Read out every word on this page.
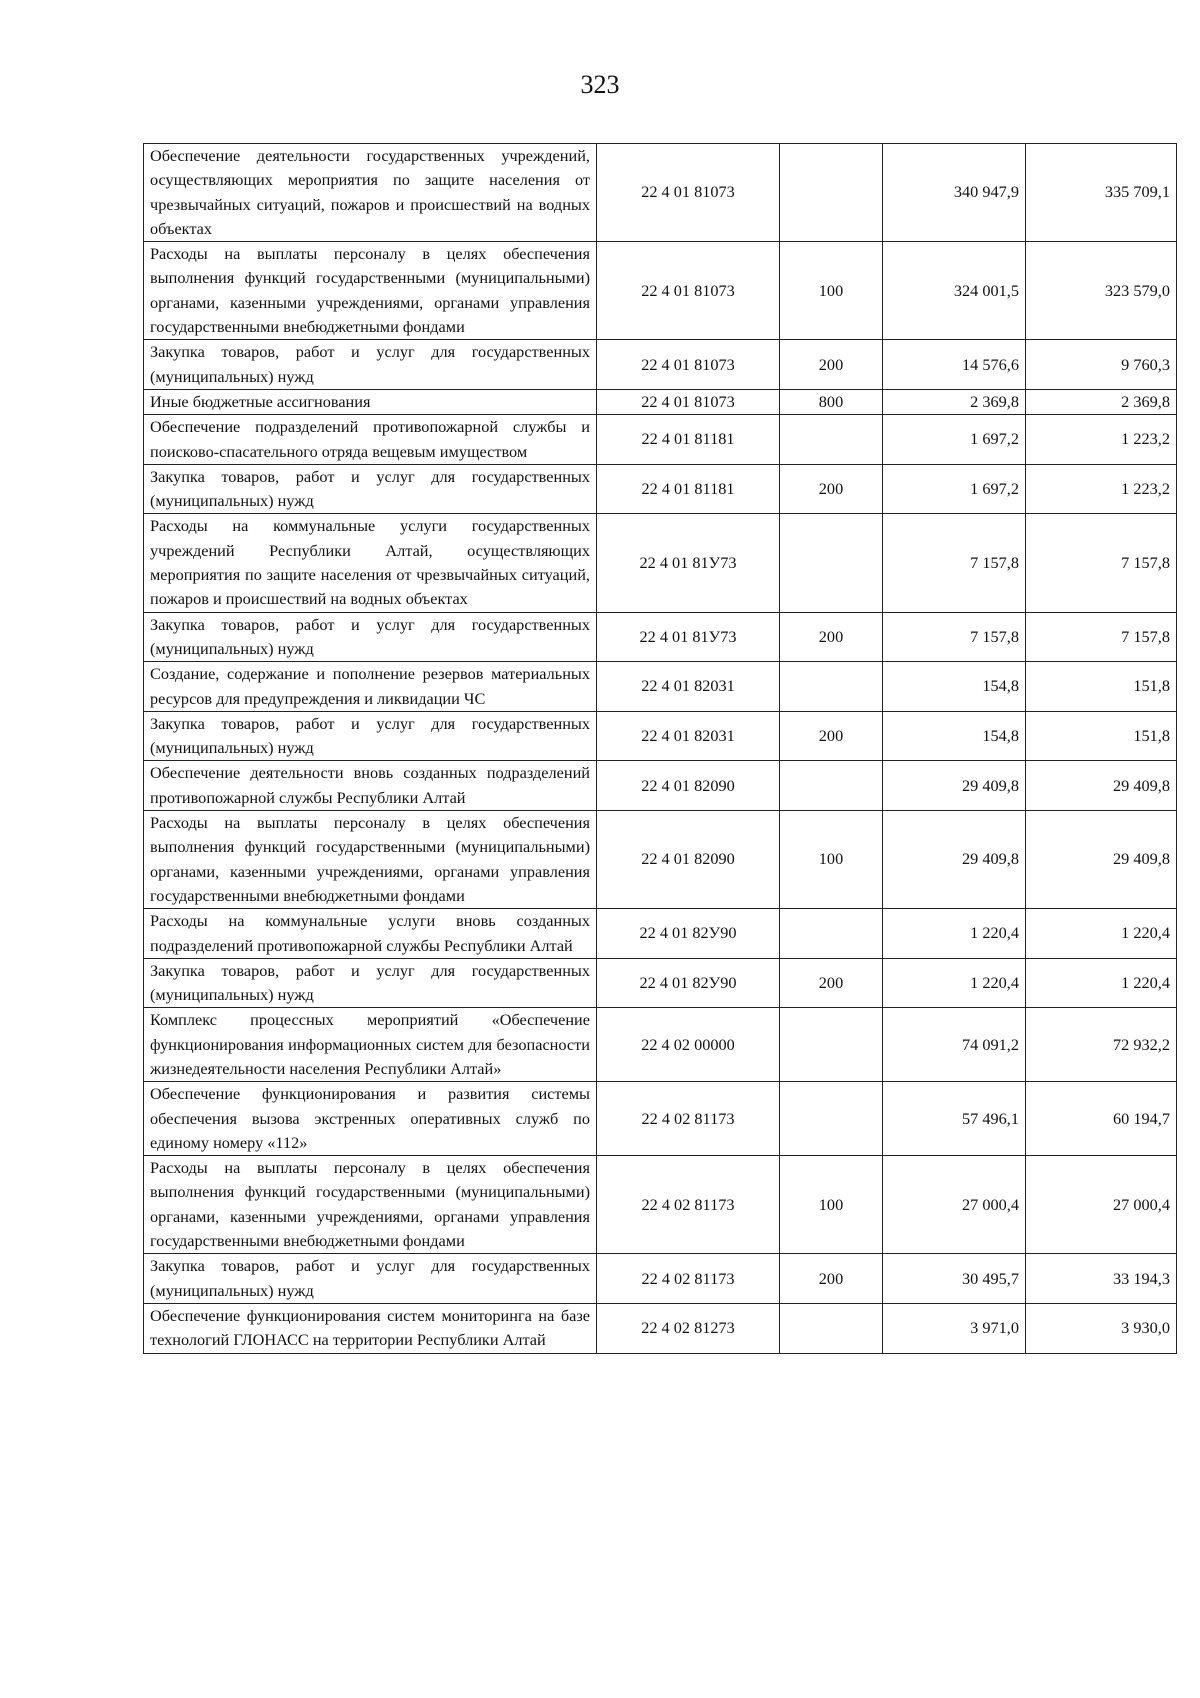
323
Обеспечение деятельности государственных учреждений, осуществляющих мероприятия по защите населения от чрезвычайных ситуаций, пожаров и происшествий на водных объектах	22 4 01 81073		340 947,9	335 709,1
Расходы на выплаты персоналу в целях обеспечения выполнения функций государственными (муниципальными) органами, казенными учреждениями, органами управления государственными внебюджетными фондами	22 4 01 81073	100	324 001,5	323 579,0
Закупка товаров, работ и услуг для государственных (муниципальных) нужд	22 4 01 81073	200	14 576,6	9 760,3
Иные бюджетные ассигнования	22 4 01 81073	800	2 369,8	2 369,8
Обеспечение подразделений противопожарной службы и поисково-спасательного отряда вещевым имуществом	22 4 01 81181		1 697,2	1 223,2
Закупка товаров, работ и услуг для государственных (муниципальных) нужд	22 4 01 81181	200	1 697,2	1 223,2
Расходы на коммунальные услуги государственных учреждений Республики Алтай, осуществляющих мероприятия по защите населения от чрезвычайных ситуаций, пожаров и происшествий на водных объектах	22 4 01 81У73		7 157,8	7 157,8
Закупка товаров, работ и услуг для государственных (муниципальных) нужд	22 4 01 81У73	200	7 157,8	7 157,8
Создание, содержание и пополнение резервов материальных ресурсов для предупреждения и ликвидации ЧС	22 4 01 82031		154,8	151,8
Закупка товаров, работ и услуг для государственных (муниципальных) нужд	22 4 01 82031	200	154,8	151,8
Обеспечение деятельности вновь созданных подразделений противопожарной службы Республики Алтай	22 4 01 82090		29 409,8	29 409,8
Расходы на выплаты персоналу в целях обеспечения выполнения функций государственными (муниципальными) органами, казенными учреждениями, органами управления государственными внебюджетными фондами	22 4 01 82090	100	29 409,8	29 409,8
Расходы на коммунальные услуги вновь созданных подразделений противопожарной службы Республики Алтай	22 4 01 82У90		1 220,4	1 220,4
Закупка товаров, работ и услуг для государственных (муниципальных) нужд	22 4 01 82У90	200	1 220,4	1 220,4
Комплекс процессных мероприятий «Обеспечение функционирования информационных систем для безопасности жизнедеятельности населения Республики Алтай»	22 4 02 00000		74 091,2	72 932,2
Обеспечение функционирования и развития системы обеспечения вызова экстренных оперативных служб по единому номеру «112»	22 4 02 81173		57 496,1	60 194,7
Расходы на выплаты персоналу в целях обеспечения выполнения функций государственными (муниципальными) органами, казенными учреждениями, органами управления государственными внебюджетными фондами	22 4 02 81173	100	27 000,4	27 000,4
Закупка товаров, работ и услуг для государственных (муниципальных) нужд	22 4 02 81173	200	30 495,7	33 194,3
Обеспечение функционирования систем мониторинга на базе технологий ГЛОНАСС на территории Республики Алтай	22 4 02 81273		3 971,0	3 930,0
